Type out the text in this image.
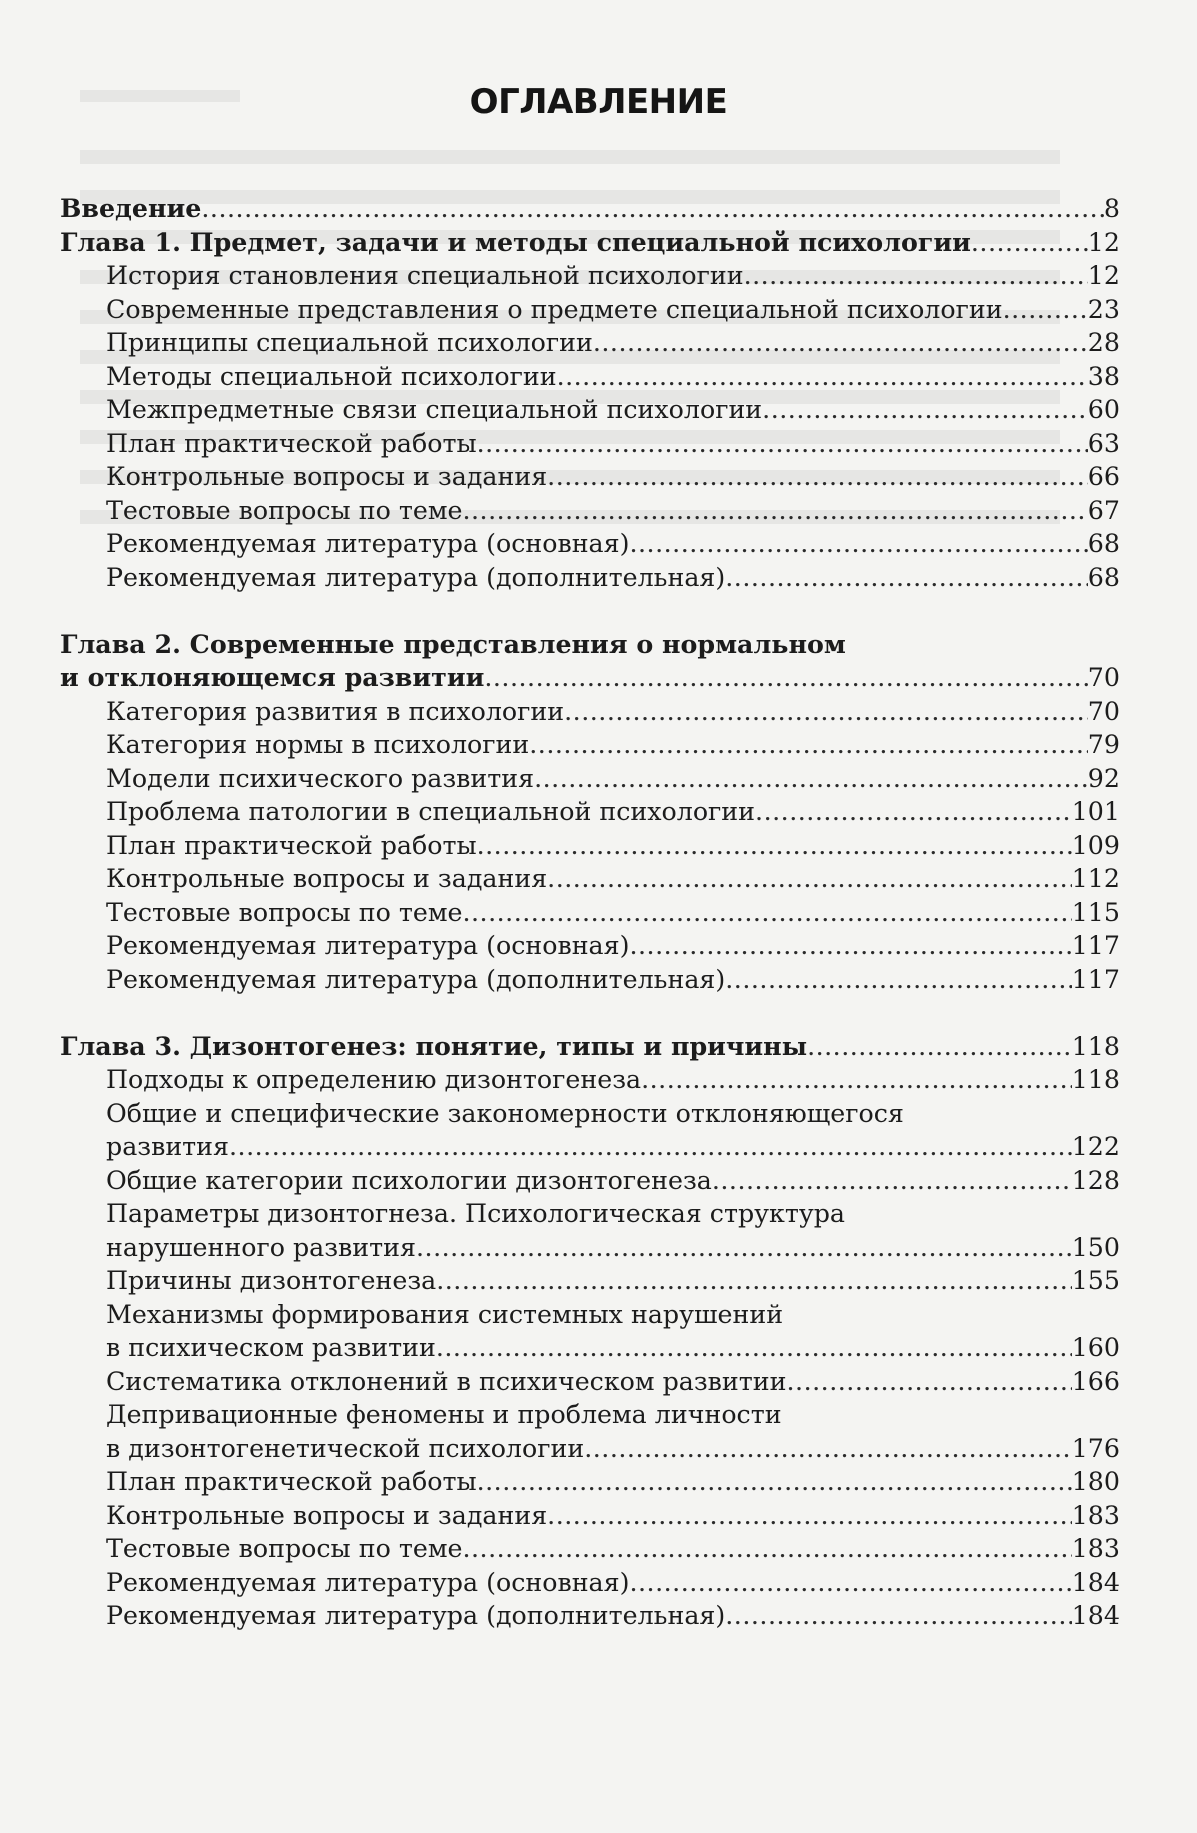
ОГЛАВЛЕНИЕ
Введение .....	8
Глава 1. Предмет, задачи и методы специальной психологии .....	12
История становления специальной психологии .....	12
Современные представления о предмете специальной психологии .....	23
Принципы специальной психологии .....	28
Методы специальной психологии .....	38
Межпредметные связи специальной психологии .....	60
План практической работы .....	63
Контрольные вопросы и задания .....	66
Тестовые вопросы по теме .....	67
Рекомендуемая литература (основная) .....	68
Рекомендуемая литература (дополнительная) .....	68
Глава 2. Современные представления о нормальном
и отклоняющемся развитии .....	70
Категория развития в психологии .....	70
Категория нормы в психологии .....	79
Модели психического развития .....	92
Проблема патологии в специальной психологии .....	101
План практической работы .....	109
Контрольные вопросы и задания .....	112
Тестовые вопросы по теме .....	115
Рекомендуемая литература (основная) .....	117
Рекомендуемая литература (дополнительная) .....	117
Глава 3. Дизонтогенез: понятие, типы и причины .....	118
Подходы к определению дизонтогенеза .....	118
Общие и специфические закономерности отклоняющегося
развития .....	122
Общие категории психологии дизонтогенеза .....	128
Параметры дизонтогнеза. Психологическая структура
нарушенного развития .....	150
Причины дизонтогенеза .....	155
Механизмы формирования системных нарушений
в психическом развитии .....	160
Систематика отклонений в психическом развитии .....	166
Депривационные феномены и проблема личности
в дизонтогенетической психологии .....	176
План практической работы .....	180
Контрольные вопросы и задания .....	183
Тестовые вопросы по теме .....	183
Рекомендуемая литература (основная) .....	184
Рекомендуемая литература (дополнительная) .....	184
